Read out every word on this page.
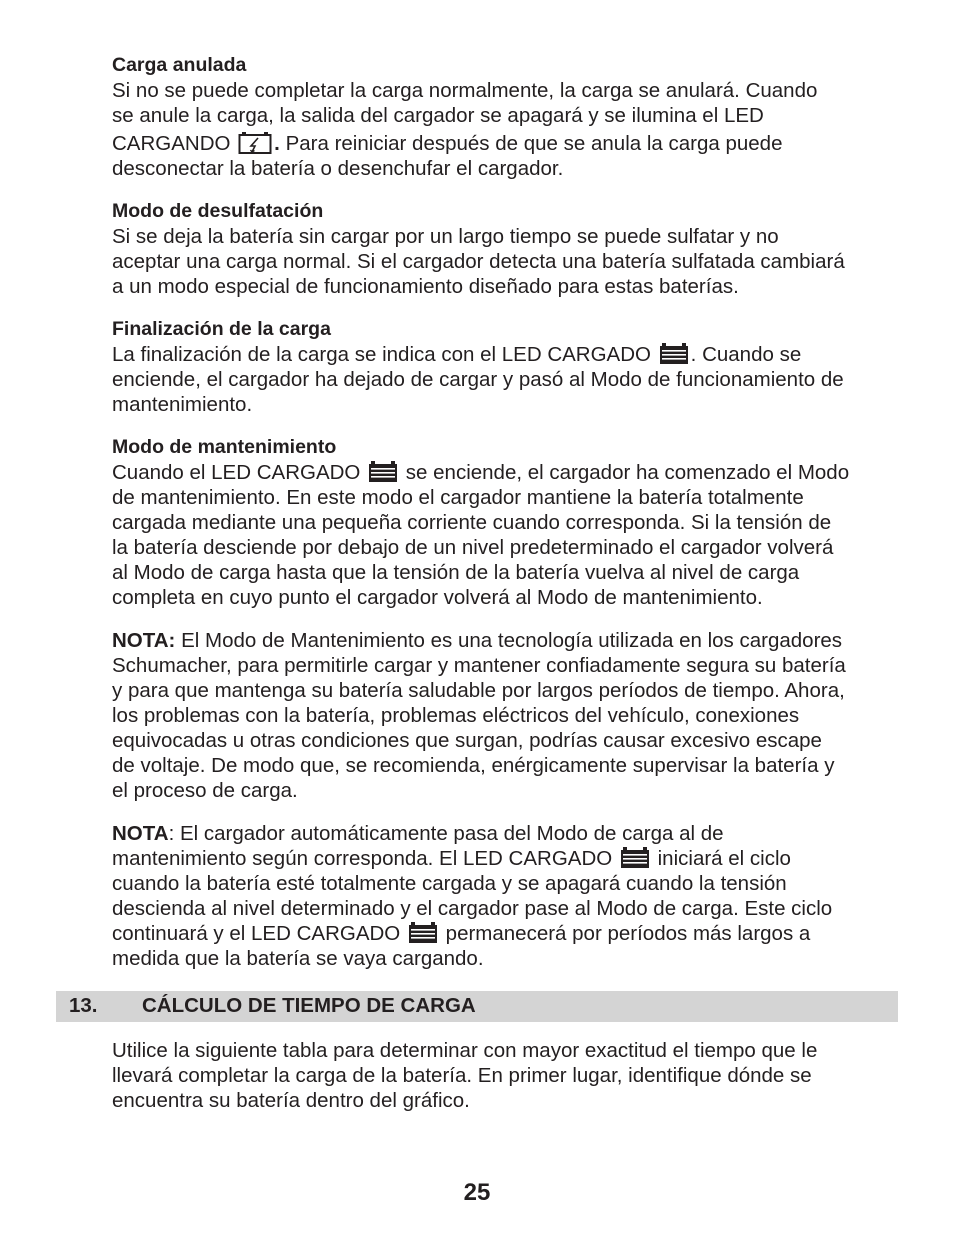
Carga anulada
Si no se puede completar la carga normalmente, la carga se anulará. Cuando
se anule la carga, la salida del cargador se apagará y se ilumina el LED
CARGANDO . Para reiniciar después de que se anula la carga puede
desconectar la batería o desenchufar el cargador.
Modo de desulfatación
Si se deja la batería sin cargar por un largo tiempo se puede sulfatar y no
aceptar una carga normal. Si el cargador detecta una batería sulfatada cambiará
a un modo especial de funcionamiento diseñado para estas baterías.
Finalización de la carga
La finalización de la carga se indica con el LED CARGADO . Cuando se
enciende, el cargador ha dejado de cargar y pasó al Modo de funcionamiento de
mantenimiento.
Modo de mantenimiento
Cuando el LED CARGADO se enciende, el cargador ha comenzado el Modo
de mantenimiento. En este modo el cargador mantiene la batería totalmente
cargada mediante una pequeña corriente cuando corresponda. Si la tensión de
la batería desciende por debajo de un nivel predeterminado el cargador volverá
al Modo de carga hasta que la tensión de la batería vuelva al nivel de carga
completa en cuyo punto el cargador volverá al Modo de mantenimiento.
NOTA: El Modo de Mantenimiento es una tecnología utilizada en los cargadores
Schumacher, para permitirle cargar y mantener confiadamente segura su batería
y para que mantenga su batería saludable por largos períodos de tiempo. Ahora,
los problemas con la batería, problemas eléctricos del vehículo, conexiones
equivocadas u otras condiciones que surgan, podrías causar excesivo escape
de voltaje. De modo que, se recomienda, enérgicamente supervisar la batería y
el proceso de carga.
NOTA: El cargador automáticamente pasa del Modo de carga al de
mantenimiento según corresponda. El LED CARGADO iniciará el ciclo
cuando la batería esté totalmente cargada y se apagará cuando la tensión
descienda al nivel determinado y el cargador pase al Modo de carga. Este ciclo
continuará y el LED CARGADO permanecerá por períodos más largos a
medida que la batería se vaya cargando.
13. CÁLCULO DE TIEMPO DE CARGA
Utilice la siguiente tabla para determinar con mayor exactitud el tiempo que le
llevará completar la carga de la batería. En primer lugar, identifique dónde se
encuentra su batería dentro del gráfico.
25
